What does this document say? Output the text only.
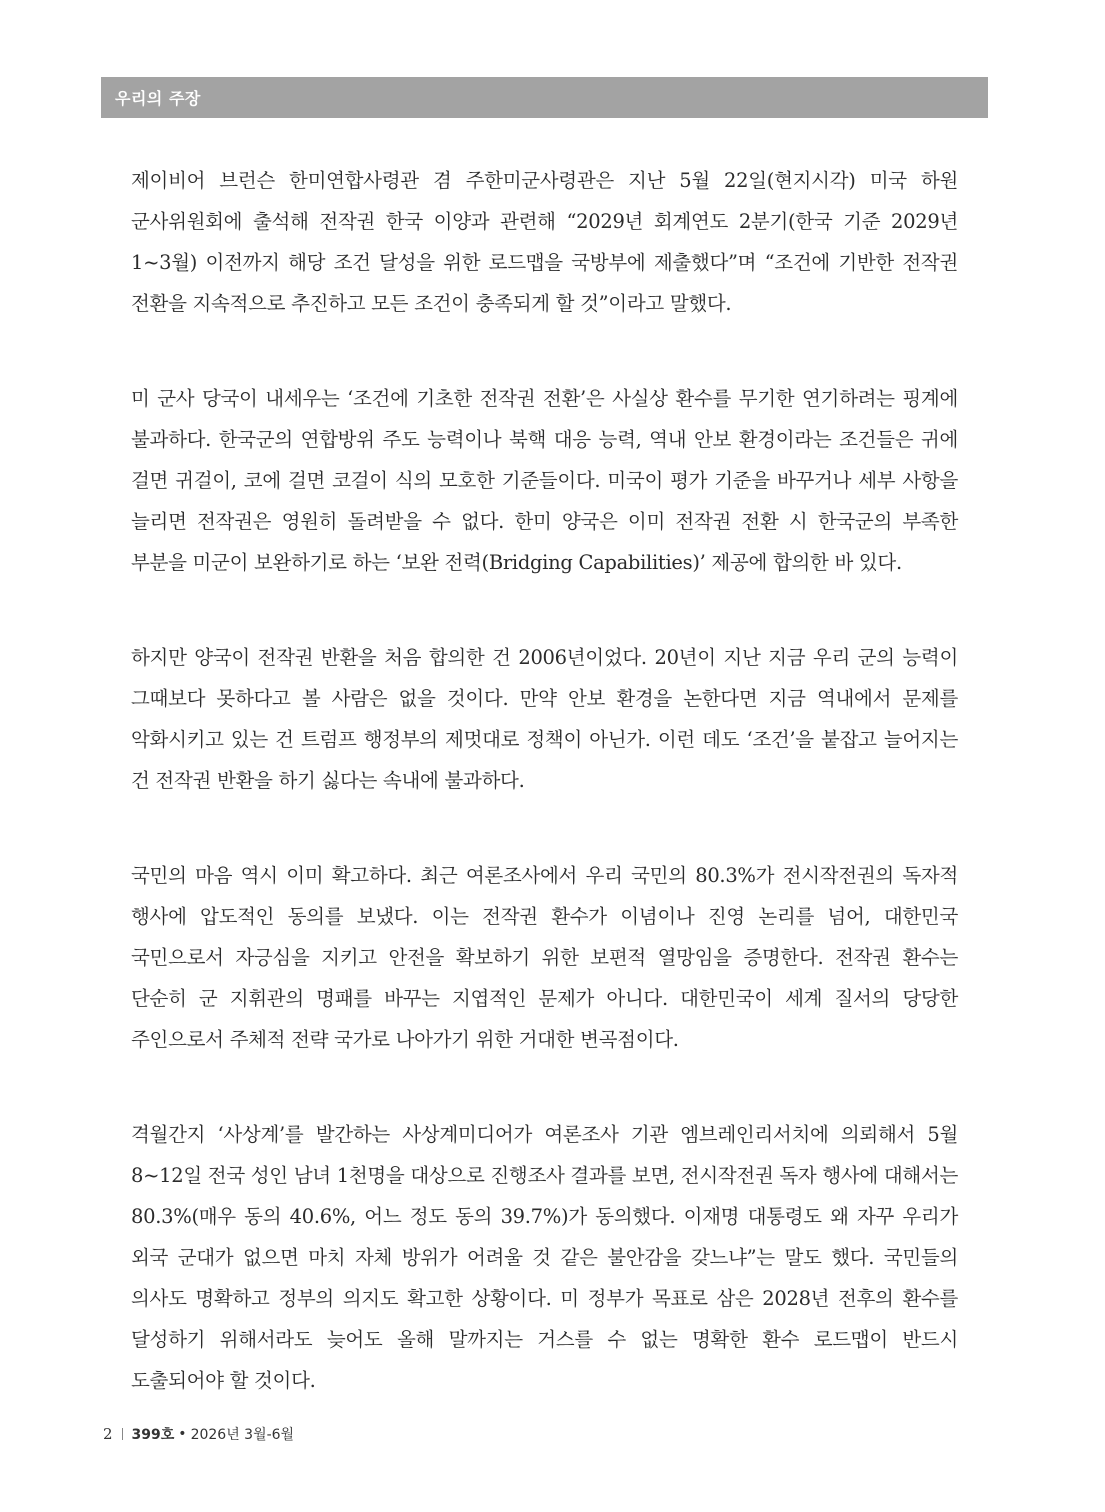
우리의 주장

제이비어 브런슨 한미연합사령관 겸 주한미군사령관은 지난 5월 22일(현지시각) 미국 하원 군사위원회에 출석해 전작권 한국 이양과 관련해 “2029년 회계연도 2분기(한국 기준 2029년 1~3월) 이전까지 해당 조건 달성을 위한 로드맵을 국방부에 제출했다”며 “조건에 기반한 전작권 전환을 지속적으로 추진하고 모든 조건이 충족되게 할 것”이라고 말했다.

미 군사 당국이 내세우는 ‘조건에 기초한 전작권 전환’은 사실상 환수를 무기한 연기하려는 핑계에 불과하다. 한국군의 연합방위 주도 능력이나 북핵 대응 능력, 역내 안보 환경이라는 조건들은 귀에 걸면 귀걸이, 코에 걸면 코걸이 식의 모호한 기준들이다. 미국이 평가 기준을 바꾸거나 세부 사항을 늘리면 전작권은 영원히 돌려받을 수 없다. 한미 양국은 이미 전작권 전환 시 한국군의 부족한 부분을 미군이 보완하기로 하는 ‘보완 전력(Bridging Capabilities)’ 제공에 합의한 바 있다.

하지만 양국이 전작권 반환을 처음 합의한 건 2006년이었다. 20년이 지난 지금 우리 군의 능력이 그때보다 못하다고 볼 사람은 없을 것이다. 만약 안보 환경을 논한다면 지금 역내에서 문제를 악화시키고 있는 건 트럼프 행정부의 제멋대로 정책이 아닌가. 이런 데도 ‘조건’을 붙잡고 늘어지는 건 전작권 반환을 하기 싫다는 속내에 불과하다.

국민의 마음 역시 이미 확고하다. 최근 여론조사에서 우리 국민의 80.3%가 전시작전권의 독자적 행사에 압도적인 동의를 보냈다. 이는 전작권 환수가 이념이나 진영 논리를 넘어, 대한민국 국민으로서 자긍심을 지키고 안전을 확보하기 위한 보편적 열망임을 증명한다. 전작권 환수는 단순히 군 지휘관의 명패를 바꾸는 지엽적인 문제가 아니다. 대한민국이 세계 질서의 당당한 주인으로서 주체적 전략 국가로 나아가기 위한 거대한 변곡점이다.

격월간지 ‘사상계’를 발간하는 사상계미디어가 여론조사 기관 엠브레인리서치에 의뢰해서 5월 8~12일 전국 성인 남녀 1천명을 대상으로 진행조사 결과를 보면, 전시작전권 독자 행사에 대해서는 80.3%(매우 동의 40.6%, 어느 정도 동의 39.7%)가 동의했다. 이재명 대통령도 왜 자꾸 우리가 외국 군대가 없으면 마치 자체 방위가 어려울 것 같은 불안감을 갖느냐”는 말도 했다. 국민들의 의사도 명확하고 정부의 의지도 확고한 상황이다. 미 정부가 목표로 삼은 2028년 전후의 환수를 달성하기 위해서라도 늦어도 올해 말까지는 거스를 수 없는 명확한 환수 로드맵이 반드시 도출되어야 할 것이다.

2 399호 • 2026년 3월-6월
